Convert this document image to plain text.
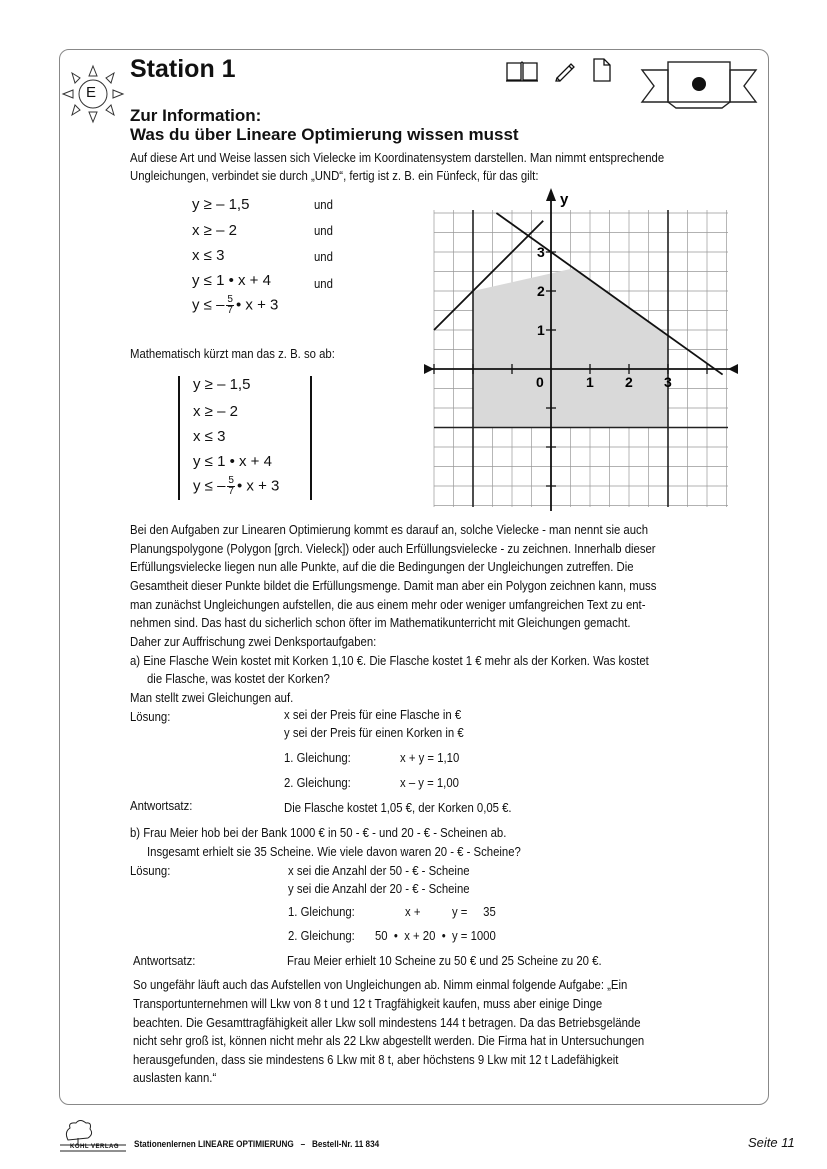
E
Station 1
Zur Information:
Was du über Lineare Optimierung wissen musst
Auf diese Art und Weise lassen sich Vielecke im Koordinatensystem darstellen. Man nimmt entsprechende
Ungleichungen, verbindet sie durch „UND“, fertig ist z. B. ein Fünfeck, für das gilt:
y ≥ – 1,5	und
x ≥ – 2	und
x ≤ 3	und
y ≤ 1 • x + 4	und
y ≤ – $\frac{5}{7}$ • x + 3
Mathematisch kürzt man das z. B. so ab:
y ≥ – 1,5
x ≥ – 2
x ≤ 3
y ≤ 1 • x + 4
y ≤ – $\frac{5}{7}$ • x + 3
y
0	1 2 3
1
2
3
Bei den Aufgaben zur Linearen Optimierung kommt es darauf an, solche Vielecke - man nennt sie auch
Planungspolygone (Polygon [grch. Vieleck]) oder auch Erfüllungsvielecke - zu zeichnen. Innerhalb dieser
Erfüllungsvielecke liegen nun alle Punkte, auf die die Bedingungen der Ungleichungen zutreffen. Die
Gesamtheit dieser Punkte bildet die Erfüllungsmenge. Damit man aber ein Polygon zeichnen kann, muss
man zunächst Ungleichungen aufstellen, die aus einem mehr oder weniger umfangreichen Text zu ent-
nehmen sind. Das hast du sicherlich schon öfter im Mathematikunterricht mit Gleichungen gemacht.
Daher zur Auffrischung zwei Denksportaufgaben:
a) Eine Flasche Wein kostet mit Korken 1,10 €. Die Flasche kostet 1 € mehr als der Korken. Was kostet
die Flasche, was kostet der Korken?
Man stellt zwei Gleichungen auf.
Lösung:	x sei der Preis für eine Flasche in €
y sei der Preis für einen Korken in €
1. Gleichung:	x + y = 1,10
2. Gleichung:	x – y = 1,00
Antwortsatz:	Die Flasche kostet 1,05 €, der Korken 0,05 €.
b) Frau Meier hob bei der Bank 1000 € in 50 - € - und 20 - € - Scheinen ab.
Insgesamt erhielt sie 35 Scheine. Wie viele davon waren 20 - € - Scheine?
Lösung:	x sei die Anzahl der 50 - € - Scheine
y sei die Anzahl der 20 - € - Scheine
1. Gleichung:	x +          y =     35
2. Gleichung: 50  •  x + 20  •  y = 1000
Antwortsatz:	Frau Meier erhielt 10 Scheine zu 50 € und 25 Scheine zu 20 €.
So ungefähr läuft auch das Aufstellen von Ungleichungen ab. Nimm einmal folgende Aufgabe: „Ein
Transportunternehmen will Lkw von 8 t und 12 t Tragfähigkeit kaufen, muss aber einige Dinge
beachten. Die Gesamttragfähigkeit aller Lkw soll mindestens 144 t betragen. Da das Betriebsgelände
nicht sehr groß ist, können nicht mehr als 22 Lkw abgestellt werden. Die Firma hat in Untersuchungen
herausgefunden, dass sie mindestens 6 Lkw mit 8 t, aber höchstens 9 Lkw mit 12 t Ladefähigkeit
auslasten kann.“
KOHL VERLAG Stationenlernen LINEARE OPTIMIERUNG   –   Bestell-Nr. 11 834	Seite 11
